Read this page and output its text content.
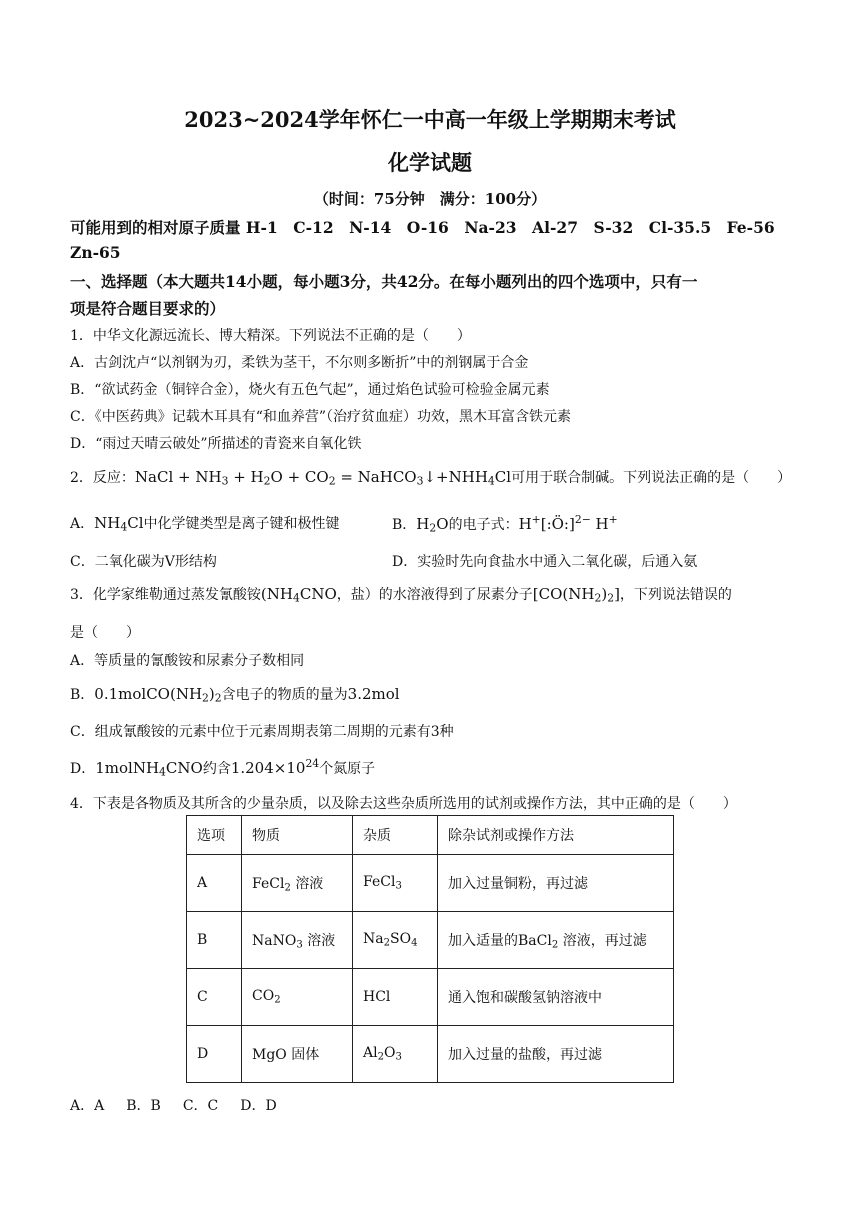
2023~2024学年怀仁一中高一年级上学期期末考试
化学试题
（时间：75分钟　满分：100分）
可能用到的相对原子质量 H-1　C-12　N-14　O-16　Na-23　Al-27　S-32　Cl-35.5　Fe-56
Zn-65
一、选择题（本大题共14小题，每小题3分，共42分。在每小题列出的四个选项中，只有一
项是符合题目要求的）
1．中华文化源远流长、博大精深。下列说法不正确的是（　　）
A．古剑沈卢“以剂钢为刃，柔铁为茎干，不尔则多断折”中的剂钢属于合金
B．“欲试药金（铜锌合金），烧火有五色气起”，通过焰色试验可检验金属元素
C．《中医药典》记载木耳具有“和血养营”（治疗贫血症）功效，黑木耳富含铁元素
D．“雨过天晴云破处”所描述的青瓷来自氧化铁
2．反应：NaCl + $NH_3 + H_2O + CO_2$ = $NaHCO_3↓+NHH_4Cl$可用于联合制碱。下列说法正确的是（　　）
A．$NH_4Cl$中化学键类型是离子键和极性键	B．$H_2O$的电子式：H+[:Ö:]$^{2-}$ H+
C．二氧化碳为V形结构	D．实验时先向食盐水中通入二氧化碳，后通入氨
3．化学家维勒通过蒸发氰酸铵($NH_4CNO$，盐）的水溶液得到了尿素分子$[CO(NH_2)_2]$，下列说法错误的
是（　　）
A．等质量的氰酸铵和尿素分子数相同
B．$0.1molCO(NH_2)_2$含电子的物质的量为3.2mol
C．组成氰酸铵的元素中位于元素周期表第二周期的元素有3种
D．1molNH$_4$CNO约含$1.204\times 10^{24}$个氮原子
4．下表是各物质及其所含的少量杂质，以及除去这些杂质所选用的试剂或操作方法，其中正确的是（　　）
选项	物质	杂质	除杂试剂或操作方法
A	FeCl$_2$ 溶液	FeCl$_3$	加入过量铜粉，再过滤
B	NaNO$_3$ 溶液	$Na_2SO_4$	加入适量的BaCl$_2$ 溶液，再过滤
C	$CO_2$	HCl	通入饱和碳酸氢钠溶液中
D	MgO 固体	$Al_2O_3$	加入过量的盐酸，再过滤
A．A B．B C．C D．D
